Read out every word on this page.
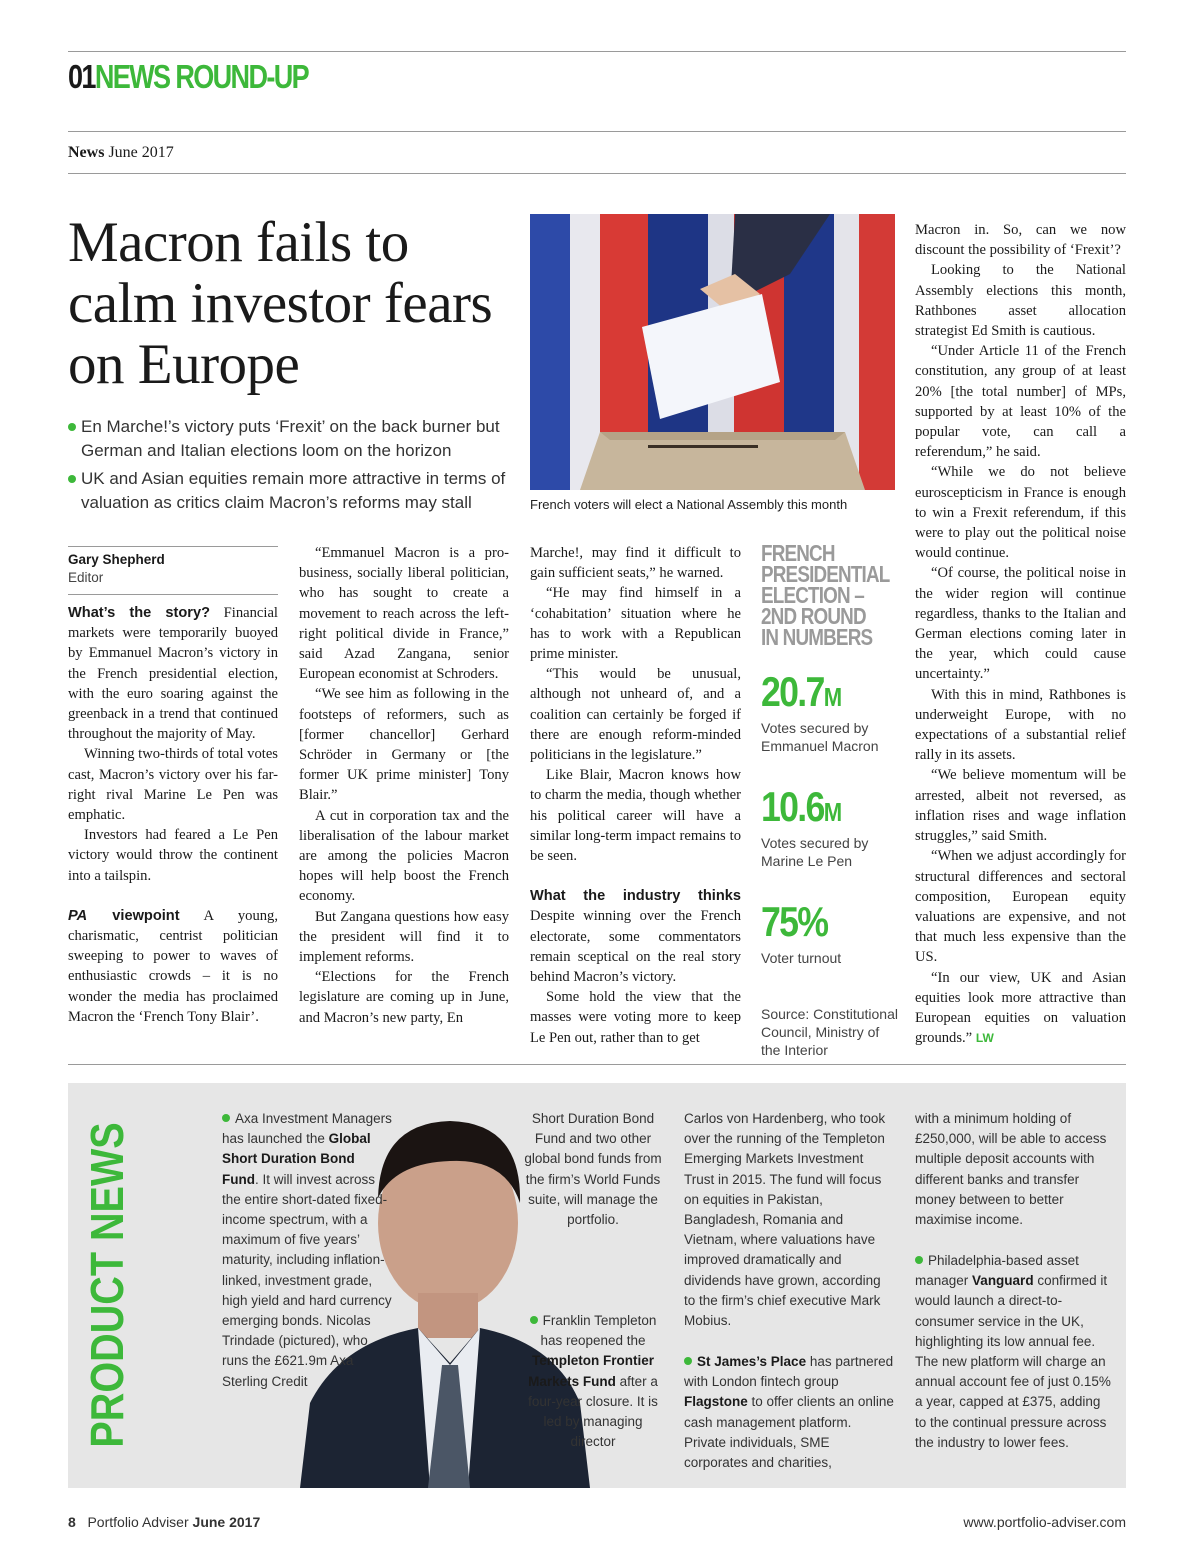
01NEWS ROUND-UP
News June 2017
Macron fails to calm investor fears on Europe

En Marche!’s victory puts ‘Frexit’ on the back burner but German and Italian elections loom on the horizon

UK and Asian equities remain more attractive in terms of valuation as critics claim Macron’s reforms may stall	French voters will elect a National Assembly this month
Gary Shepherd
Editor

What’s the story? Financial markets were temporarily buoyed by Emmanuel Macron’s victory in the French presidential election, with the euro soaring against the greenback in a trend that continued throughout the majority of May.

Winning two-thirds of total votes cast, Macron’s victory over his far-right rival Marine Le Pen was emphatic.

Investors had feared a Le Pen victory would throw the continent into a tailspin.

PA viewpoint A young, charismatic, centrist politician sweeping to power to waves of enthusiastic crowds – it is no wonder the media has proclaimed Macron the ‘French Tony Blair’.

“Emmanuel Macron is a pro-business, socially liberal politician, who has sought to create a movement to reach across the left-right political divide in France,” said Azad Zangana, senior European economist at Schroders.

“We see him as following in the footsteps of reformers, such as [former chancellor] Gerhard Schröder in Germany or [the former UK prime minister] Tony Blair.”

A cut in corporation tax and the liberalisation of the labour market are among the policies Macron hopes will help boost the French economy.

But Zangana questions how easy the president will find it to implement reforms.

“Elections for the French legislature are coming up in June, and Macron’s new party, En

Marche!, may find it difficult to gain sufficient seats,” he warned.

“He may find himself in a ‘cohabitation’ situation where he has to work with a Republican prime minister.

“This would be unusual, although not unheard of, and a coalition can certainly be forged if there are enough reform-minded politicians in the legislature.”

Like Blair, Macron knows how to charm the media, though whether his political career will have a similar long-term impact remains to be seen.

What the industry thinks Despite winning over the French electorate, some commentators remain sceptical on the real story behind Macron’s victory.

Some hold the view that the masses were voting more to keep Le Pen out, rather than to get

FRENCH
PRESIDENTIAL
ELECTION –
2ND ROUND
IN NUMBERS
20.7M
Votes secured by Emmanuel Macron
10.6M
Votes secured by Marine Le Pen
75%
Voter turnout
Source: Constitutional Council, Ministry of the Interior

Macron in. So, can we now discount the possibility of ‘Frexit’?

Looking to the National Assembly elections this month, Rathbones asset allocation strategist Ed Smith is cautious.

“Under Article 11 of the French constitution, any group of at least 20% [the total number] of MPs, supported by at least 10% of the popular vote, can call a referendum,” he said.

“While we do not believe euroscepticism in France is enough to win a Frexit referendum, if this were to play out the political noise would continue.

“Of course, the political noise in the wider region will continue regardless, thanks to the Italian and German elections coming later in the year, which could cause uncertainty.”

With this in mind, Rathbones is underweight Europe, with no expectations of a substantial relief rally in its assets.

“We believe momentum will be arrested, albeit not reversed, as inflation rises and wage inflation struggles,” said Smith.

“When we adjust accordingly for structural differences and sectoral composition, European equity valuations are expensive, and not that much less expensive than the US.

“In our view, UK and Asian equities look more attractive than European equities on valuation grounds.” LW

PRODUCT NEWS

Axa Investment Managers has launched the Global Short Duration Bond Fund. It will invest across the entire short-dated fixed-income spectrum, with a maximum of five years’ maturity, including inflation-linked, investment grade, high yield and hard currency emerging bonds. Nicolas Trindade (pictured), who runs the £621.9m Axa Sterling Credit

Short Duration Bond Fund and two other global bond funds from the firm’s World Funds suite, will manage the portfolio.

Franklin Templeton has reopened the Templeton Frontier Markets Fund after a four-year closure. It is led by managing director

Carlos von Hardenberg, who took over the running of the Templeton Emerging Markets Investment Trust in 2015. The fund will focus on equities in Pakistan, Bangladesh, Romania and Vietnam, where valuations have improved dramatically and dividends have grown, according to the firm’s chief executive Mark Mobius.

St James’s Place has partnered with London fintech group Flagstone to offer clients an online cash management platform. Private individuals, SME corporates and charities,

with a minimum holding of £250,000, will be able to access multiple deposit accounts with different banks and transfer money between to better maximise income.

Philadelphia-based asset manager Vanguard confirmed it would launch a direct-to-consumer service in the UK, highlighting its low annual fee. The new platform will charge an annual account fee of just 0.15% a year, capped at £375, adding to the continual pressure across the industry to lower fees.

8 Portfolio Adviser June 2017	www.portfolio-adviser.com
